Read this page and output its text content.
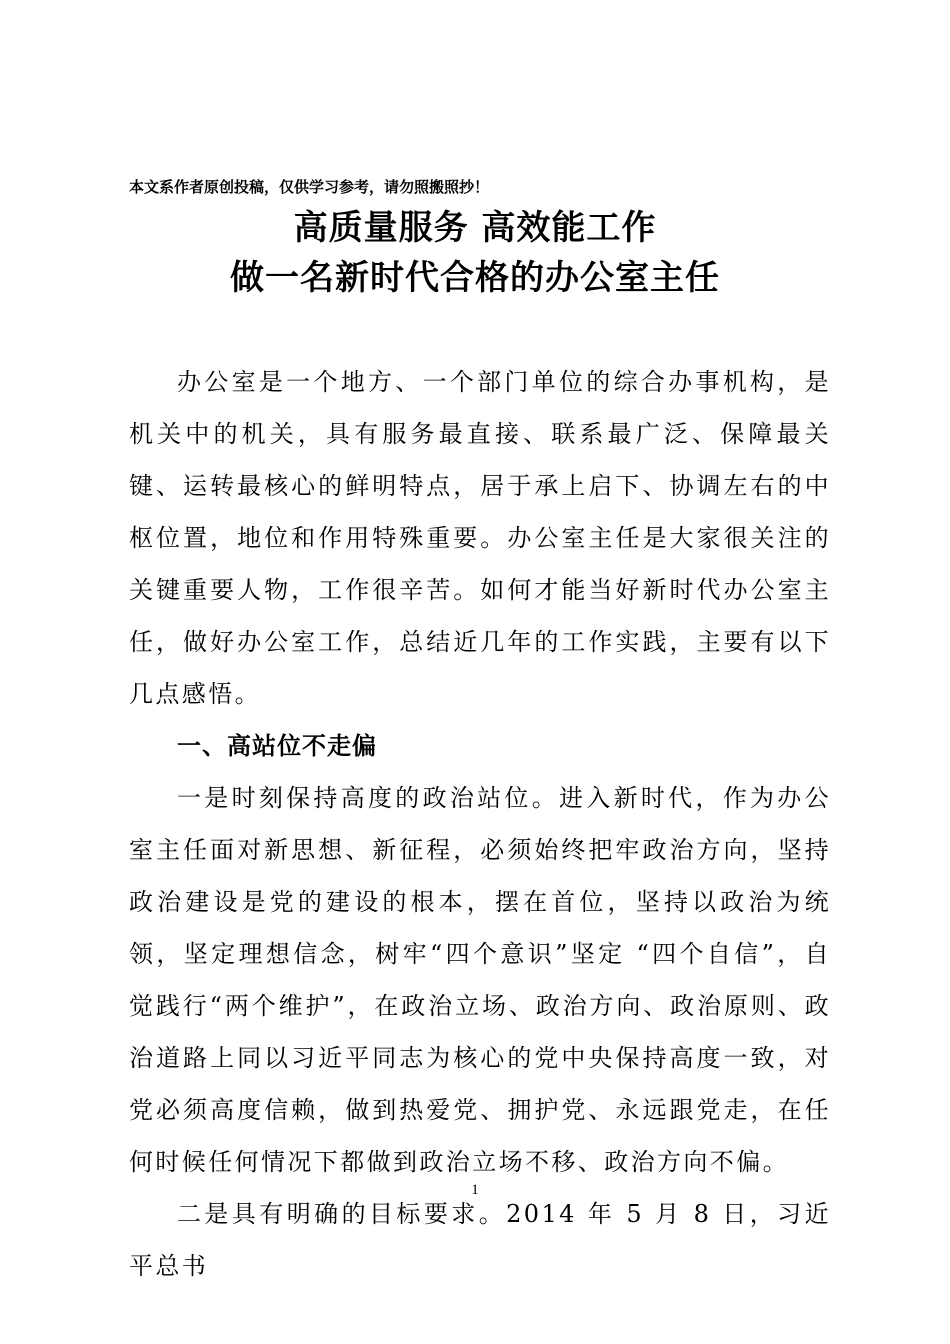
本文系作者原创投稿，仅供学习参考，请勿照搬照抄！
高质量服务 高效能工作
做一名新时代合格的办公室主任

办公室是一个地方、一个部门单位的综合办事机构，是机关中的机关，具有服务最直接、联系最广泛、保障最关键、运转最核心的鲜明特点，居于承上启下、协调左右的中枢位置，地位和作用特殊重要。办公室主任是大家很关注的关键重要人物，工作很辛苦。如何才能当好新时代办公室主任，做好办公室工作，总结近几年的工作实践，主要有以下几点感悟。

一、高站位不走偏

一是时刻保持高度的政治站位。进入新时代，作为办公室主任面对新思想、新征程，必须始终把牢政治方向，坚持政治建设是党的建设的根本，摆在首位，坚持以政治为统领，坚定理想信念，树牢“四个意识”坚定 “四个自信”，自觉践行“两个维护”，在政治立场、政治方向、政治原则、政治道路上同以习近平同志为核心的党中央保持高度一致，对党必须高度信赖，做到热爱党、拥护党、永远跟党走，在任何时候任何情况下都做到政治立场不移、政治方向不偏。

二是具有明确的目标要求。2014 年 5 月 8 日，习近平总书

1
